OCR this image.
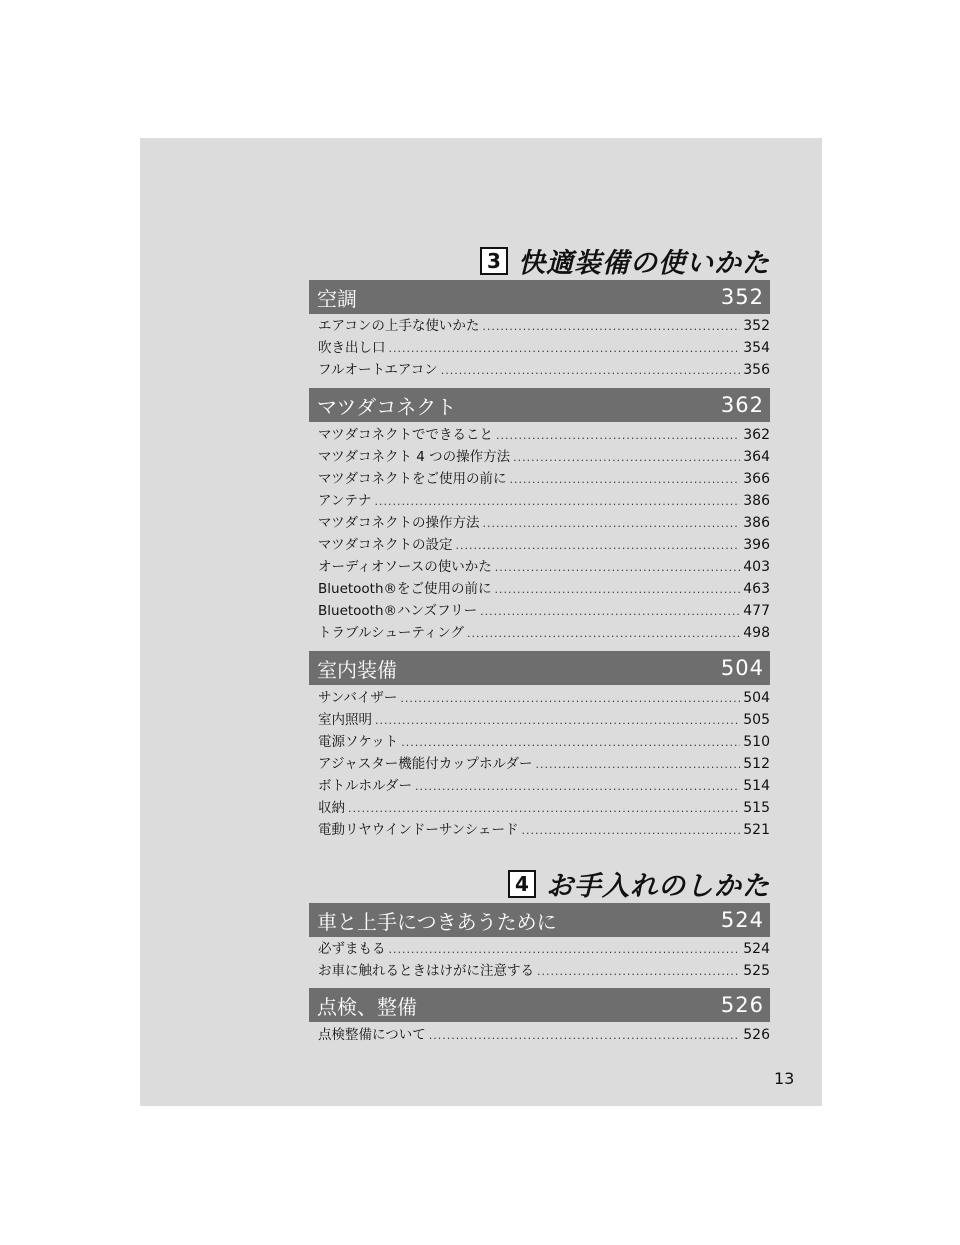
3 快適装備の使いかた
空調	352
エアコンの上手な使いかた .....	352
吹き出し口 .....	354
フルオートエアコン .....	356
マツダコネクト	362
マツダコネクトでできること .....	362
マツダコネクト 4 つの操作方法 .....	364
マツダコネクトをご使用の前に .....	366
アンテナ .....	386
マツダコネクトの操作方法 .....	386
マツダコネクトの設定 .....	396
オーディオソースの使いかた .....	403
Bluetooth®をご使用の前に .....	463
Bluetooth®ハンズフリー .....	477
トラブルシューティング .....	498
室内装備	504
サンバイザー .....	504
室内照明 .....	505
電源ソケット .....	510
アジャスター機能付カップホルダー .....	512
ボトルホルダー .....	514
収納 .....	515
電動リヤウインドーサンシェード .....	521
4 お手入れのしかた
車と上手につきあうために	524
必ずまもる .....	524
お車に触れるときはけがに注意する .....	525
点検、整備	526
点検整備について .....	526
13
